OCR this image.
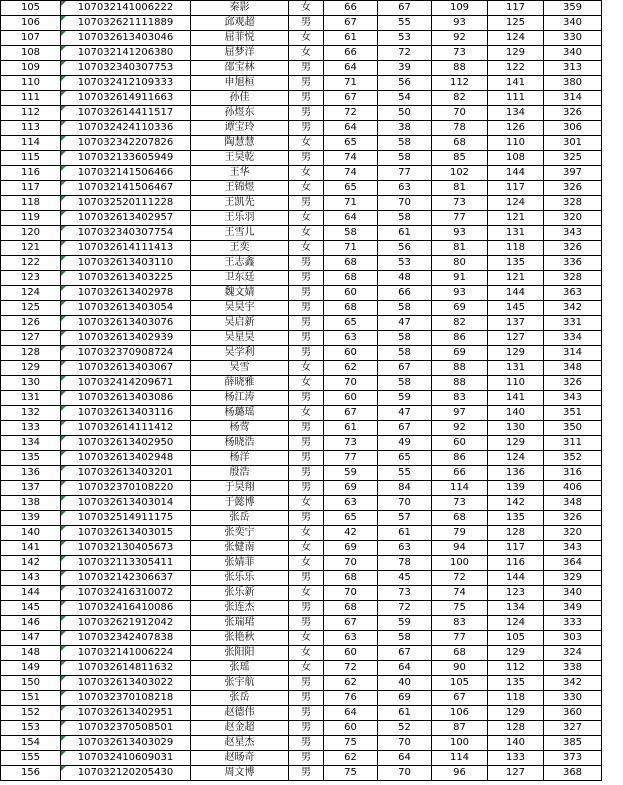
105	107032141006222	秦影	女	66	67	109	117	359
106	107032621111889	邱观超	男	67	55	93	125	340
107	107032613403046	屈菲悦	女	61	53	92	124	330
108	107032141206380	屈梦洋	女	66	72	73	129	340
109	107032340307753	邵宝林	男	64	39	88	122	313
110	107032412109333	申旭桓	男	71	56	112	141	380
111	107032614911663	孙佳	男	67	54	82	111	314
112	107032614411517	孙煜东	男	72	50	70	134	326
113	107032424110336	谭宝玲	男	64	38	78	126	306
114	107032342207826	陶慧慧	女	65	58	68	110	301
115	107032133605949	王昊乾	男	74	58	85	108	325
116	107032141506466	王华	女	74	77	102	144	397
117	107032141506467	王锦煜	女	65	63	81	117	326
118	107032520111228	王凯先	男	71	70	73	124	328
119	107032613402957	王乐羽	女	64	58	77	121	320
120	107032340307754	王雪儿	女	58	61	93	131	343
121	107032614111413	王奕	女	71	56	81	118	326
122	107032613403110	王志鑫	男	68	53	80	135	336
123	107032613403225	卫东廷	男	68	48	91	121	328
124	107032613402978	魏文婧	男	60	66	93	144	363
125	107032613403054	吴昊宇	男	68	58	69	145	342
126	107032613403076	吴启新	男	65	47	82	137	331
127	107032613402939	吴星昊	男	63	58	86	127	334
128	107032370908724	吴学利	男	60	58	69	129	314
129	107032613403067	吴雪	女	62	67	88	131	348
130	107032414209671	薛晓雅	女	70	58	88	110	326
131	107032613403086	杨江涛	男	60	59	83	141	343
132	107032613403116	杨璐瑶	女	67	47	97	140	351
133	107032614111412	杨莺	男	61	67	92	130	350
134	107032613402950	杨晓浩	男	73	49	60	129	311
135	107032613402948	杨洋	男	77	65	86	124	352
136	107032613403201	殷浩	男	59	55	66	136	316
137	107032370108220	于昊翔	男	69	84	114	139	406
138	107032613403014	于懿博	女	63	70	73	142	348
139	107032514911175	张岳	男	65	57	68	135	326
140	107032613403015	张奕宁	女	42	61	79	128	320
141	107032130405673	张健南	女	69	63	94	117	343
142	107032113305411	张婧菲	女	70	78	100	116	364
143	107032142306637	张乐乐	男	68	45	72	144	329
144	107032416310072	张乐新	女	70	73	74	123	340
145	107032416410086	张连杰	男	68	72	75	134	349
146	107032621912042	张瑞珺	男	67	59	83	124	333
147	107032342407838	张艳秋	女	63	58	77	105	303
148	107032141006224	张阳阳	女	60	67	68	129	324
149	107032614811632	张瑶	女	72	64	90	112	338
150	107032613403022	张宇航	男	62	40	105	135	342
151	107032370108218	张岳	男	76	69	67	118	330
152	107032613402951	赵德伟	男	64	61	106	129	360
153	107032370508501	赵金超	男	60	52	87	128	327
154	107032613403029	赵星杰	男	75	70	100	140	385
155	107032410609031	赵旸奇	男	62	64	114	133	373
156	107032120205430	周文博	男	75	70	96	127	368
